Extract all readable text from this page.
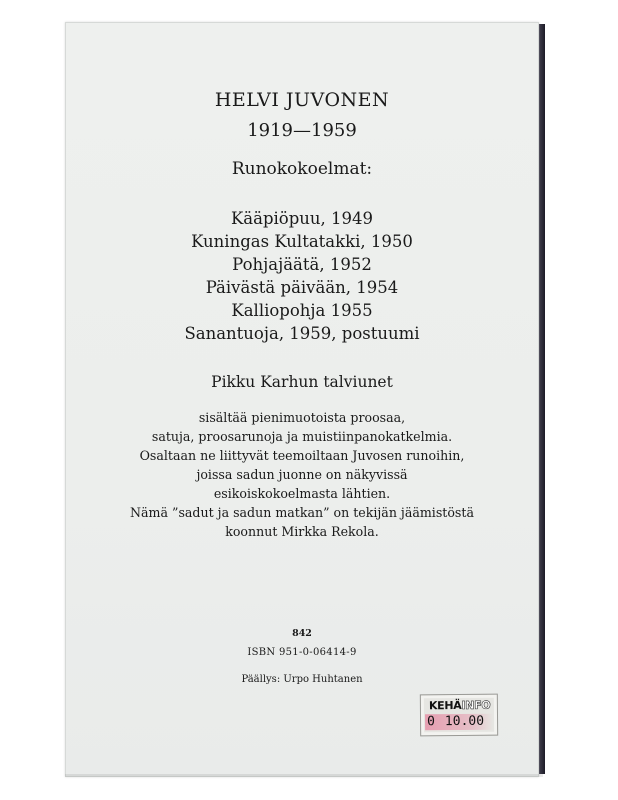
HELVI JUVONEN

1919—1959

Runokokoelmat:

Kääpiöpuu, 1949
Kuningas Kultatakki, 1950
Pohjajäätä, 1952
Päivästä päivään, 1954
Kalliopohja 1955
Sanantuoja, 1959, postuumi

Pikku Karhun talviunet

sisältää pienimuotoista proosaa,
satuja, proosarunoja ja muistiinpanokatkelmia.
Osaltaan ne liittyvät teemoiltaan Juvosen runoihin,
joissa sadun juonne on näkyvissä
esikoiskokoelmasta lähtien.
Nämä ”sadut ja sadun matkan” on tekijän jäämistöstä
koonnut Mirkka Rekola.
842
ISBN 951-0-06414-9
Päällys: Urpo Huhtanen
KEHÄINFO
0 10.00
